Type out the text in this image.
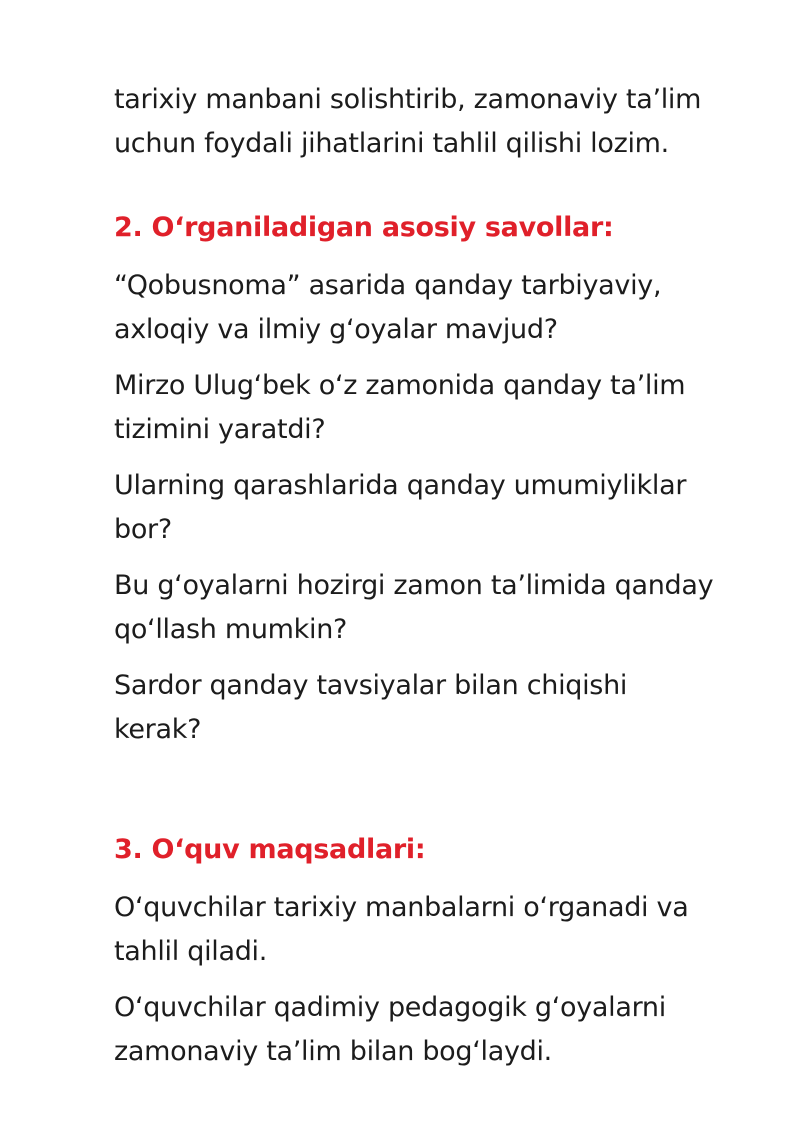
tarixiy manbani solishtirib, zamonaviy ta’lim
uchun foydali jihatlarini tahlil qilishi lozim.

2. O‘rganiladigan asosiy savollar:

“Qobusnoma” asarida qanday tarbiyaviy,
axloqiy va ilmiy g‘oyalar mavjud?

Mirzo Ulug‘bek o‘z zamonida qanday ta’lim
tizimini yaratdi?

Ularning qarashlarida qanday umumiyliklar
bor?

Bu g‘oyalarni hozirgi zamon ta’limida qanday
qo‘llash mumkin?

Sardor qanday tavsiyalar bilan chiqishi
kerak?

3. O‘quv maqsadlari:

O‘quvchilar tarixiy manbalarni o‘rganadi va
tahlil qiladi.

O‘quvchilar qadimiy pedagogik g‘oyalarni
zamonaviy ta’lim bilan bog‘laydi.
